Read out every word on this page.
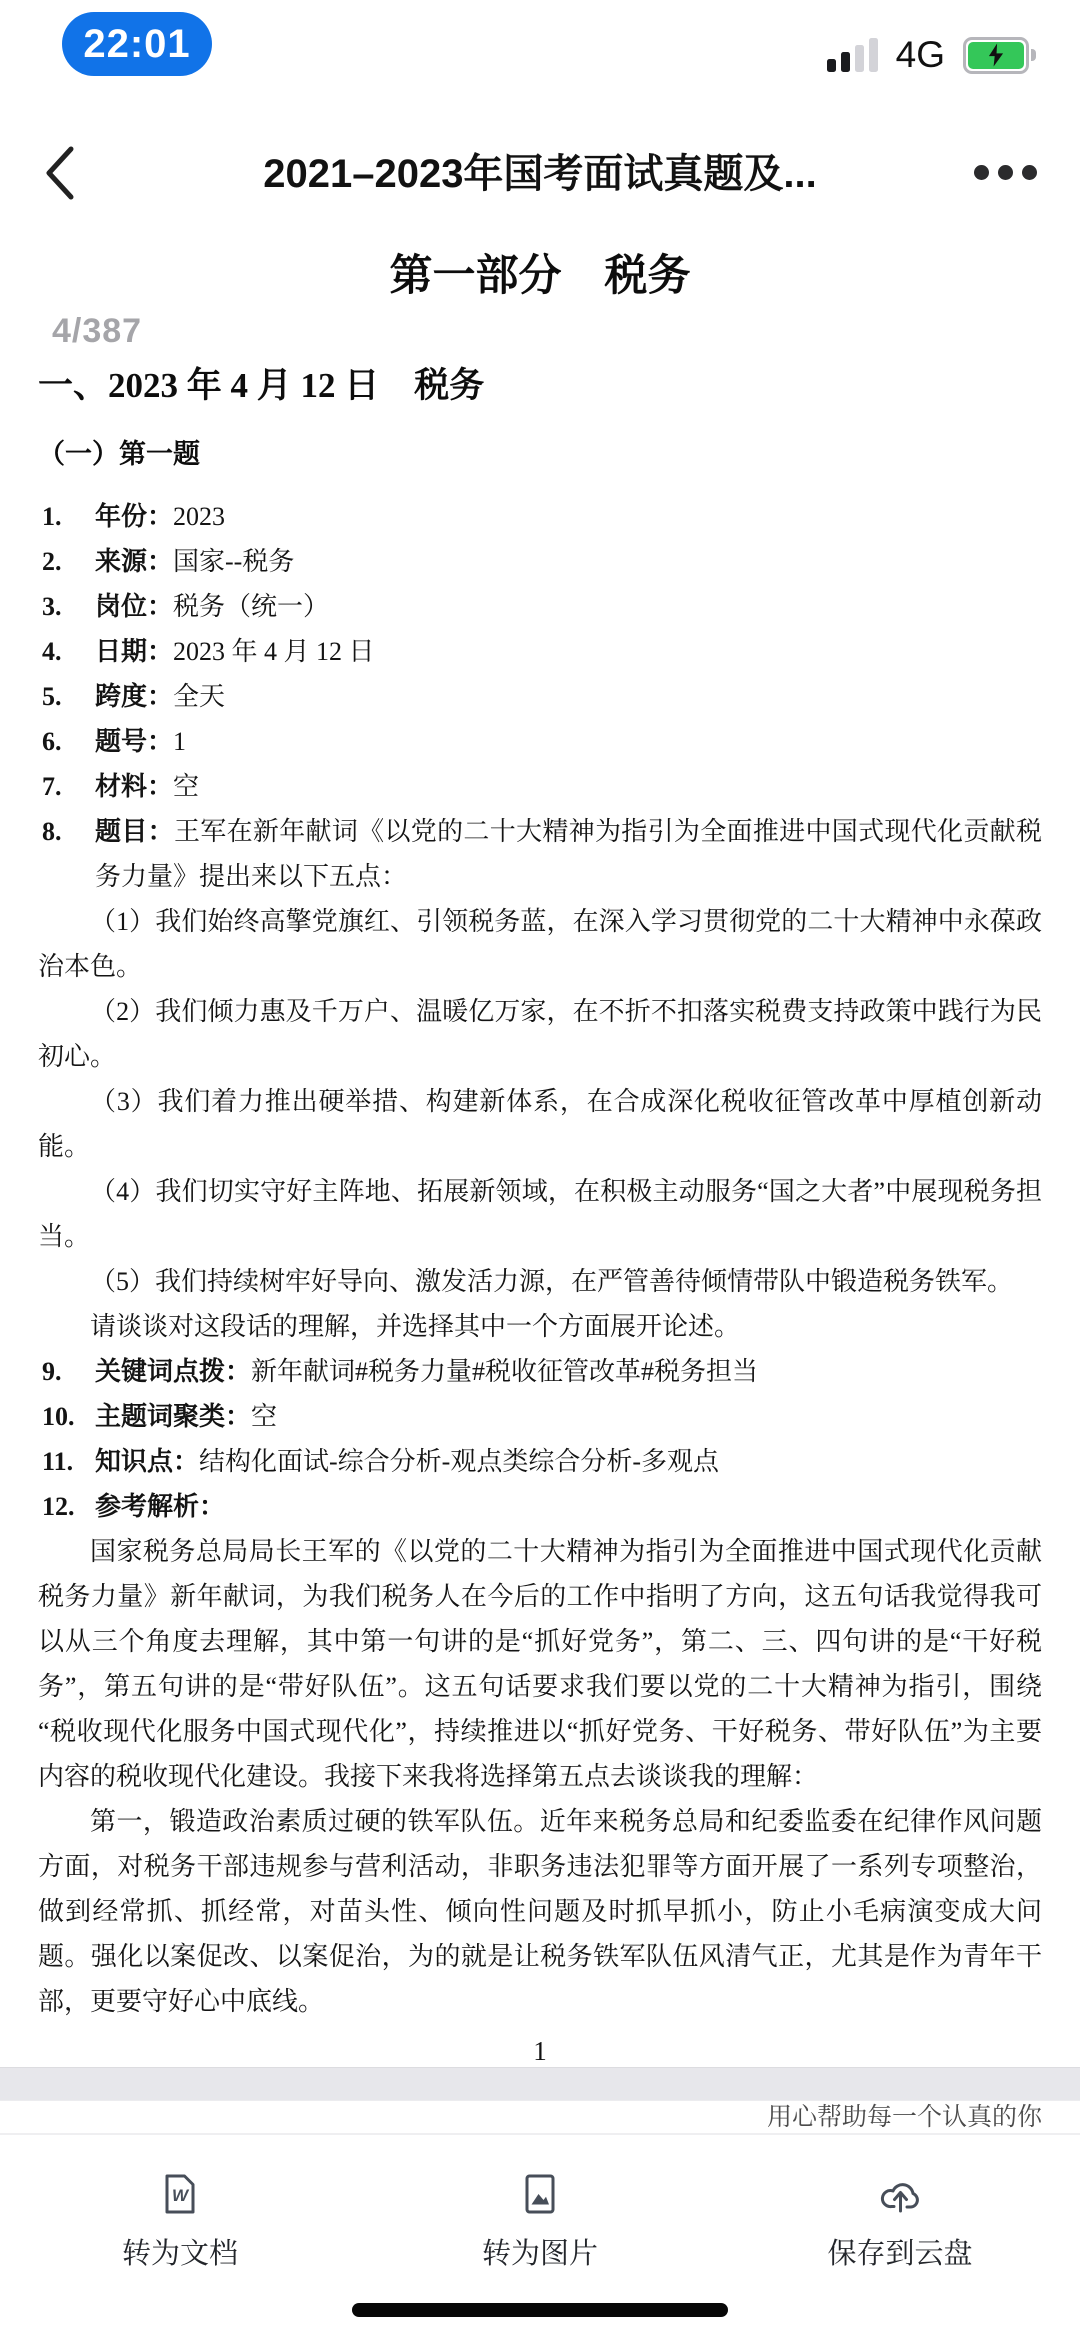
22:01	4G
2021–2023年国考面试真题及...
4/387

第一部分　税务

一、2023 年 4 月 12 日　税务

（一）第一题

1. 年份：2023
2. 来源：国家--税务
3. 岗位：税务（统一）
4. 日期：2023 年 4 月 12 日
5. 跨度：全天
6. 题号：1
7. 材料：空
8. 题目：王军在新年献词《以党的二十大精神为指引为全面推进中国式现代化贡献税务力量》提出来以下五点：

（1）我们始终高擎党旗红、引领税务蓝，在深入学习贯彻党的二十大精神中永葆政治本色。

（2）我们倾力惠及千万户、温暖亿万家，在不折不扣落实税费支持政策中践行为民初心。

（3）我们着力推出硬举措、构建新体系，在合成深化税收征管改革中厚植创新动能。

（4）我们切实守好主阵地、拓展新领域，在积极主动服务“国之大者”中展现税务担当。

（5）我们持续树牢好导向、激发活力源，在严管善待倾情带队中锻造税务铁军。

请谈谈对这段话的理解，并选择其中一个方面展开论述。

9. 关键词点拨：新年献词#税务力量#税收征管改革#税务担当
10. 主题词聚类：空
11. 知识点：结构化面试-综合分析-观点类综合分析-多观点
12. 参考解析：

国家税务总局局长王军的《以党的二十大精神为指引为全面推进中国式现代化贡献税务力量》新年献词，为我们税务人在今后的工作中指明了方向，这五句话我觉得我可以从三个角度去理解，其中第一句讲的是“抓好党务”，第二、三、四句讲的是“干好税务”，第五句讲的是“带好队伍”。这五句话要求我们要以党的二十大精神为指引，围绕“税收现代化服务中国式现代化”，持续推进以“抓好党务、干好税务、带好队伍”为主要内容的税收现代化建设。我接下来我将选择第五点去谈谈我的理解：

第一，锻造政治素质过硬的铁军队伍。近年来税务总局和纪委监委在纪律作风问题方面，对税务干部违规参与营利活动，非职务违法犯罪等方面开展了一系列专项整治，做到经常抓、抓经常，对苗头性、倾向性问题及时抓早抓小，防止小毛病演变成大问题。强化以案促改、以案促治，为的就是让税务铁军队伍风清气正，尤其是作为青年干部，更要守好心中底线。

1

用心帮助每一个认真的你

W
转为文档	转为图片	保存到云盘
